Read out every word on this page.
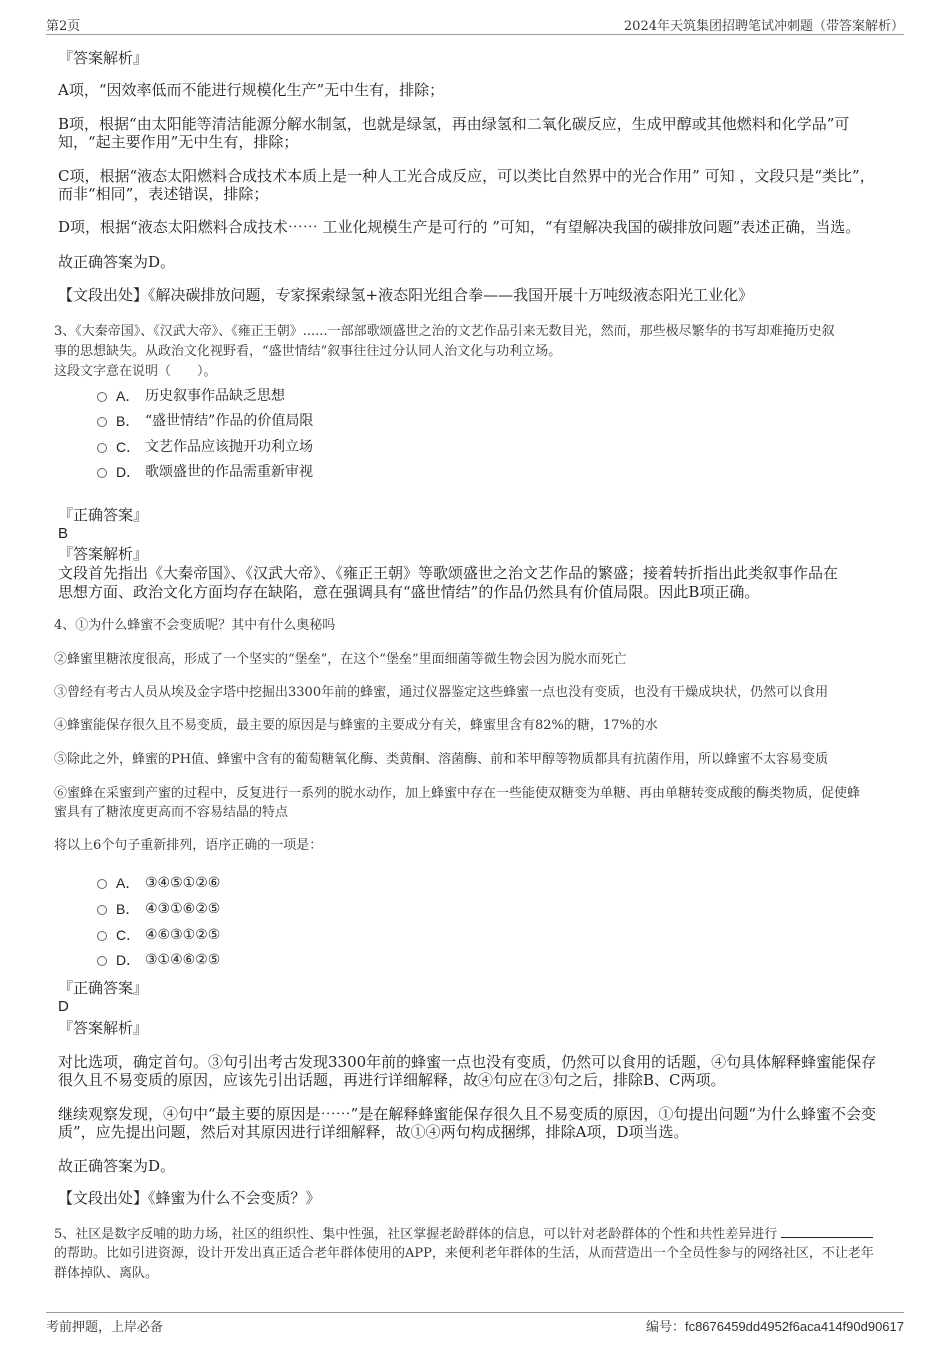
第2页	2024年天筑集团招聘笔试冲刺题（带答案解析）

『答案解析』

A项，“因效率低而不能进行规模化生产”无中生有，排除；

B项，根据“由太阳能等清洁能源分解水制氢，也就是绿氢，再由绿氢和二氧化碳反应，生成甲醇或其他燃料和化学品”可

知，“起主要作用”无中生有，排除；

C项，根据“液态太阳燃料合成技术本质上是一种人工光合成反应，可以类比自然界中的光合作用” 可知 ，文段只是“类比”，

而非“相同”，表述错误，排除；

D项，根据“液态太阳燃料合成技术⋯⋯ 工业化规模生产是可行的 ”可知，“有望解决我国的碳排放问题”表述正确，当选。

故正确答案为D。

【文段出处】《解决碳排放问题，专家探索绿氢+液态阳光组合拳——我国开展十万吨级液态阳光工业化》

3、《大秦帝国》、《汉武大帝》、《雍正王朝》......一部部歌颂盛世之治的文艺作品引来无数目光，然而，那些极尽繁华的书写却难掩历史叙

事的思想缺失。从政治文化视野看，“盛世情结”叙事往往过分认同人治文化与功利立场。

这段文字意在说明（　　）。

A． 历史叙事作品缺乏思想
B． “盛世情结”作品的价值局限
C． 文艺作品应该抛开功利立场
D． 歌颂盛世的作品需重新审视

『正确答案』

B

『答案解析』

文段首先指出《大秦帝国》、《汉武大帝》、《雍正王朝》等歌颂盛世之治文艺作品的繁盛；接着转折指出此类叙事作品在

思想方面、政治文化方面均存在缺陷，意在强调具有“盛世情结”的作品仍然具有价值局限。因此B项正确。

4、①为什么蜂蜜不会变质呢？其中有什么奥秘吗

②蜂蜜里糖浓度很高，形成了一个坚实的“堡垒”，在这个“堡垒”里面细菌等微生物会因为脱水而死亡

③曾经有考古人员从埃及金字塔中挖掘出3300年前的蜂蜜，通过仪器鉴定这些蜂蜜一点也没有变质，也没有干燥成块状，仍然可以食用

④蜂蜜能保存很久且不易变质，最主要的原因是与蜂蜜的主要成分有关，蜂蜜里含有82%的糖，17%的水

⑤除此之外，蜂蜜的PH值、蜂蜜中含有的葡萄糖氧化酶、类黄酮、溶菌酶、前和苯甲醇等物质都具有抗菌作用，所以蜂蜜不太容易变质

⑥蜜蜂在采蜜到产蜜的过程中，反复进行一系列的脱水动作，加上蜂蜜中存在一些能使双糖变为单糖、再由单糖转变成酸的酶类物质，促使蜂

蜜具有了糖浓度更高而不容易结晶的特点

将以上6个句子重新排列，语序正确的一项是：

A． ③④⑤①②⑥
B． ④③①⑥②⑤
C． ④⑥③①②⑤
D． ③①④⑥②⑤

『正确答案』

D

『答案解析』

对比选项，确定首句。③句引出考古发现3300年前的蜂蜜一点也没有变质，仍然可以食用的话题，④句具体解释蜂蜜能保存

很久且不易变质的原因，应该先引出话题，再进行详细解释，故④句应在③句之后，排除B、C两项。

继续观察发现，④句中“最主要的原因是⋯⋯”是在解释蜂蜜能保存很久且不易变质的原因，①句提出问题“为什么蜂蜜不会变

质”，应先提出问题，然后对其原因进行详细解释，故①④两句构成捆绑，排除A项，D项当选。

故正确答案为D。

【文段出处】《蜂蜜为什么不会变质？》

5、社区是数字反哺的助力场，社区的组织性、集中性强，社区掌握老龄群体的信息，可以针对老龄群体的个性和共性差异进行

的帮助。比如引进资源，设计开发出真正适合老年群体使用的APP，来便利老年群体的生活，从而营造出一个全员性参与的网络社区，不让老年

群体掉队、离队。

考前押题，上岸必备	编号：fc8676459dd4952f6aca414f90d90617
